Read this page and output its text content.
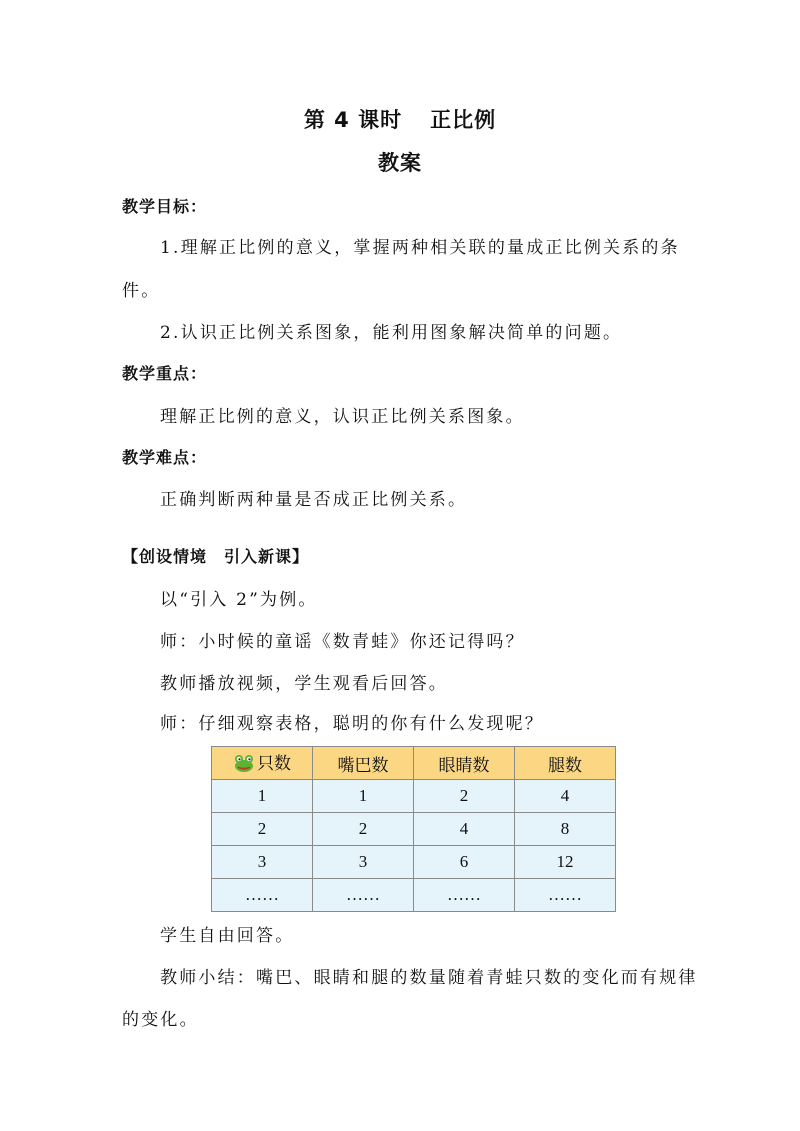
第 4 课时 正比例
教案
教学目标：
1.理解正比例的意义，掌握两种相关联的量成正比例关系的条
件。
2.认识正比例关系图象，能利用图象解决简单的问题。
教学重点：
理解正比例的意义，认识正比例关系图象。
教学难点：
正确判断两种量是否成正比例关系。
【创设情境　引入新课】
以“引入 2”为例。
师：小时候的童谣《数青蛙》你还记得吗？
教师播放视频，学生观看后回答。
师：仔细观察表格，聪明的你有什么发现呢？
只数	嘴巴数	眼睛数	腿数
1	1	2	4
2	2	4	8
3	3	6	12
……	……	……	……
学生自由回答。
教师小结：嘴巴、眼睛和腿的数量随着青蛙只数的变化而有规律
的变化。
